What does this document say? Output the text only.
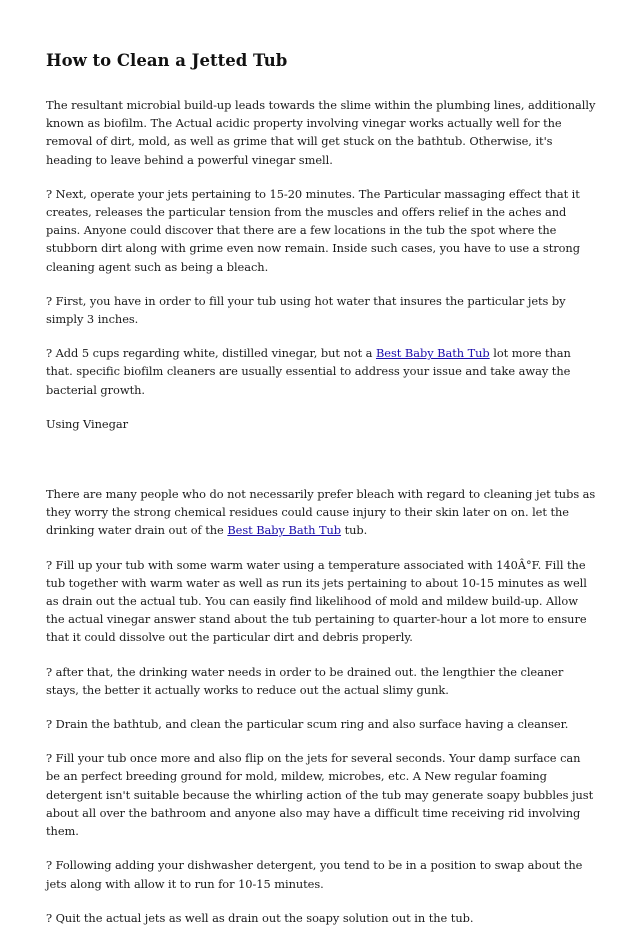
How to Clean a Jetted Tub

The resultant microbial build-up leads towards the slime within the plumbing lines, additionally known as biofilm. The Actual acidic property involving vinegar works actually well for the removal of dirt, mold, as well as grime that will get stuck on the bathtub. Otherwise, it's heading to leave behind a powerful vinegar smell.

? Next, operate your jets pertaining to 15-20 minutes. The Particular massaging effect that it creates, releases the particular tension from the muscles and offers relief in the aches and pains. Anyone could discover that there are a few locations in the tub the spot where the stubborn dirt along with grime even now remain. Inside such cases, you have to use a strong cleaning agent such as being a bleach.

? First, you have in order to fill your tub using hot water that insures the particular jets by simply 3 inches.

? Add 5 cups regarding white, distilled vinegar, but not a Best Baby Bath Tub lot more than that. specific biofilm cleaners are usually essential to address your issue and take away the bacterial growth.

Using Vinegar

There are many people who do not necessarily prefer bleach with regard to cleaning jet tubs as they worry the strong chemical residues could cause injury to their skin later on on. let the drinking water drain out of the Best Baby Bath Tub tub.

? Fill up your tub with some warm water using a temperature associated with 140Â°F. Fill the tub together with warm water as well as run its jets pertaining to about 10-15 minutes as well as drain out the actual tub. You can easily find likelihood of mold and mildew build-up. Allow the actual vinegar answer stand about the tub pertaining to quarter-hour a lot more to ensure that it could dissolve out the particular dirt and debris properly.

? after that, the drinking water needs in order to be drained out. the lengthier the cleaner stays, the better it actually works to reduce out the actual slimy gunk.

? Drain the bathtub, and clean the particular scum ring and also surface having a cleanser.

? Fill your tub once more and also flip on the jets for several seconds. Your damp surface can be an perfect breeding ground for mold, mildew, microbes, etc. A New regular foaming detergent isn't suitable because the whirling action of the tub may generate soapy bubbles just about all over the bathroom and anyone also may have a difficult time receiving rid involving them.

? Following adding your dishwasher detergent, you tend to be in a position to swap about the jets along with allow it to run for 10-15 minutes.

? Quit the actual jets as well as drain out the soapy solution out in the tub.
